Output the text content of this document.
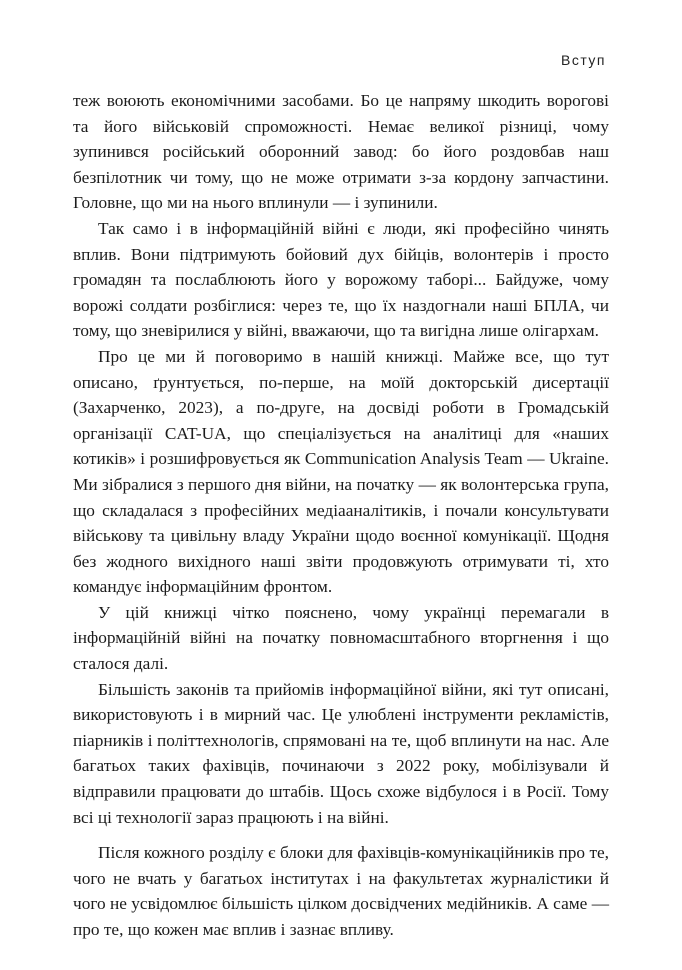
Вступ

теж воюють економічними засобами. Бо це напряму шкодить ворогові та його військовій спроможності. Немає великої різниці, чому зупинився російський оборонний завод: бо його роздовбав наш безпілотник чи тому, що не може отримати з-за кордону запчастини. Головне, що ми на нього вплинули — і зупинили.

Так само і в інформаційній війні є люди, які професійно чинять вплив. Вони підтримують бойовий дух бійців, волонтерів і просто громадян та послаблюють його у ворожому таборі... Байдуже, чому ворожі солдати розбіглися: через те, що їх наздогнали наші БПЛА, чи тому, що зневірилися у війні, вважаючи, що та вигідна лише олігархам.

Про це ми й поговоримо в нашій книжці. Майже все, що тут описано, ґрунтується, по-перше, на моїй докторській дисертації (Захарченко, 2023), а по-друге, на досвіді роботи в Громадській організації CAT-UA, що спеціалізується на аналітиці для «наших котиків» і розшифровується як Communication Analysis Team — Ukraine. Ми зібралися з першого дня війни, на початку — як волонтерська група, що складалася з професійних медіааналітиків, і почали консультувати військову та цивільну владу України щодо воєнної комунікації. Щодня без жодного вихідного наші звіти продовжують отримувати ті, хто командує інформаційним фронтом.

У цій книжці чітко пояснено, чому українці перемагали в інформаційній війні на початку повномасштабного вторгнення і що сталося далі.

Більшість законів та прийомів інформаційної війни, які тут описані, використовують і в мирний час. Це улюблені інструменти рекламістів, піарників і політтехнологів, спрямовані на те, щоб вплинути на нас. Але багатьох таких фахівців, починаючи з 2022 року, мобілізували й відправили працювати до штабів. Щось схоже відбулося і в Росії. Тому всі ці технології зараз працюють і на війні.

Після кожного розділу є блоки для фахівців-комунікаційників про те, чого не вчать у багатьох інститутах і на факультетах журналістики й чого не усвідомлює більшість цілком досвідчених медійників. А саме — про те, що кожен має вплив і зазнає впливу.
